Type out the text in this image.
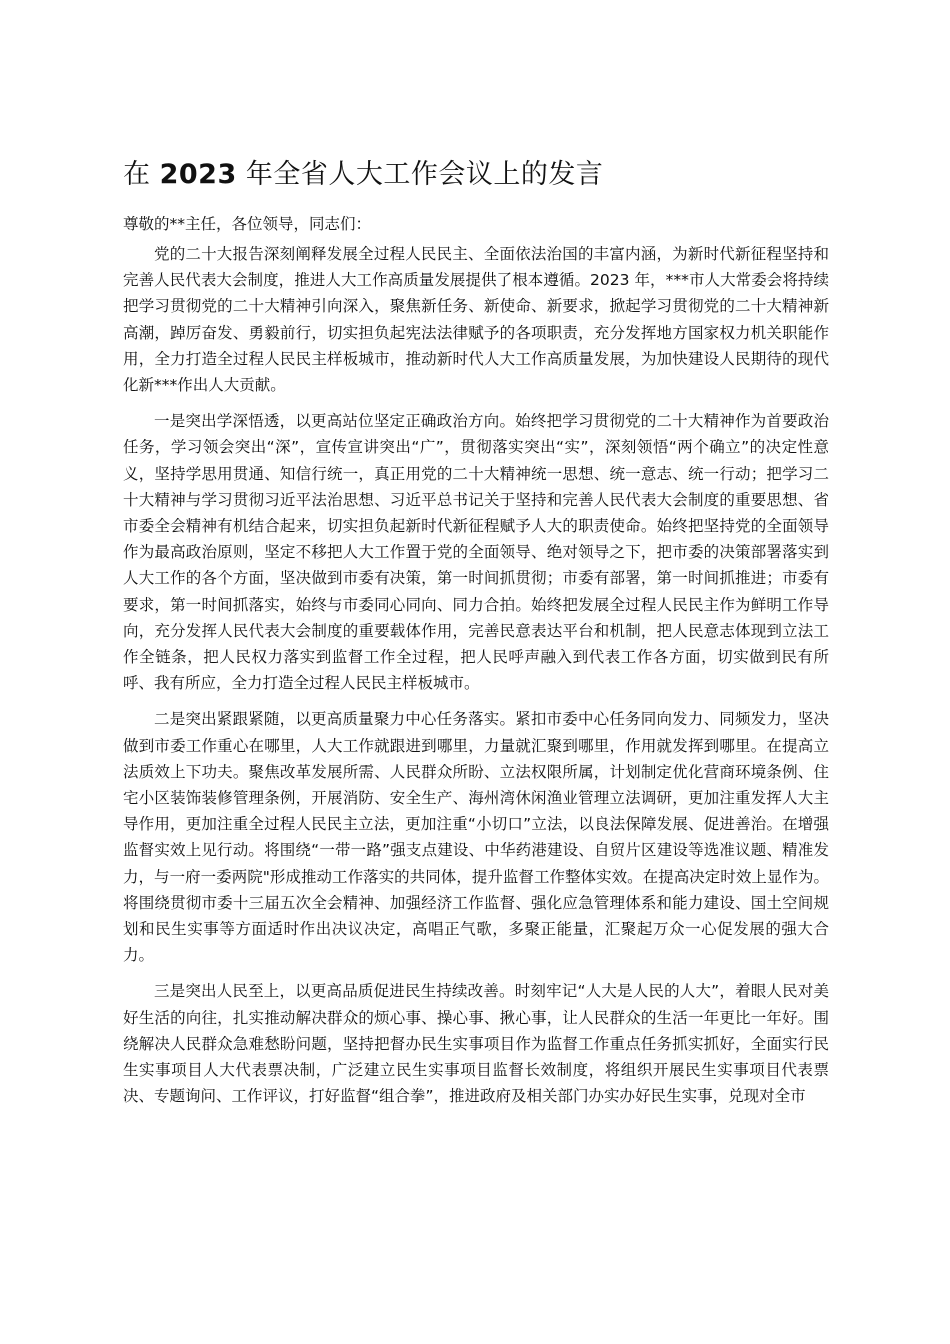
在 2023 年全省人大工作会议上的发言

尊敬的**主任，各位领导，同志们：

党的二十大报告深刻阐释发展全过程人民民主、全面依法治国的丰富内涵，为新时代新征程坚持和完善人民代表大会制度，推进人大工作高质量发展提供了根本遵循。2023 年，***市人大常委会将持续把学习贯彻党的二十大精神引向深入，聚焦新任务、新使命、新要求，掀起学习贯彻党的二十大精神新高潮，踔厉奋发、勇毅前行，切实担负起宪法法律赋予的各项职责，充分发挥地方国家权力机关职能作用，全力打造全过程人民民主样板城市，推动新时代人大工作高质量发展，为加快建设人民期待的现代化新***作出人大贡献。

一是突出学深悟透，以更高站位坚定正确政治方向。始终把学习贯彻党的二十大精神作为首要政治任务，学习领会突出“深”，宣传宣讲突出“广”，贯彻落实突出“实”，深刻领悟“两个确立”的决定性意义，坚持学思用贯通、知信行统一，真正用党的二十大精神统一思想、统一意志、统一行动；把学习二十大精神与学习贯彻习近平法治思想、习近平总书记关于坚持和完善人民代表大会制度的重要思想、省市委全会精神有机结合起来，切实担负起新时代新征程赋予人大的职责使命。始终把坚持党的全面领导作为最高政治原则，坚定不移把人大工作置于党的全面领导、绝对领导之下，把市委的决策部署落实到人大工作的各个方面，坚决做到市委有决策，第一时间抓贯彻；市委有部署，第一时间抓推进；市委有要求，第一时间抓落实，始终与市委同心同向、同力合拍。始终把发展全过程人民民主作为鲜明工作导向，充分发挥人民代表大会制度的重要载体作用，完善民意表达平台和机制，把人民意志体现到立法工作全链条，把人民权力落实到监督工作全过程，把人民呼声融入到代表工作各方面，切实做到民有所呼、我有所应，全力打造全过程人民民主样板城市。

二是突出紧跟紧随，以更高质量聚力中心任务落实。紧扣市委中心任务同向发力、同频发力，坚决做到市委工作重心在哪里，人大工作就跟进到哪里，力量就汇聚到哪里，作用就发挥到哪里。在提高立法质效上下功夫。聚焦改革发展所需、人民群众所盼、立法权限所属，计划制定优化营商环境条例、住宅小区装饰装修管理条例，开展消防、安全生产、海州湾休闲渔业管理立法调研，更加注重发挥人大主导作用，更加注重全过程人民民主立法，更加注重“小切口”立法，以良法保障发展、促进善治。在增强监督实效上见行动。将围绕“一带一路”强支点建设、中华药港建设、自贸片区建设等选准议题、精准发力，与一府一委两院"形成推动工作落实的共同体，提升监督工作整体实效。在提高决定时效上显作为。将围绕贯彻市委十三届五次全会精神、加强经济工作监督、强化应急管理体系和能力建设、国土空间规划和民生实事等方面适时作出决议决定，高唱正气歌，多聚正能量，汇聚起万众一心促发展的强大合力。

三是突出人民至上，以更高品质促进民生持续改善。时刻牢记“人大是人民的人大”，着眼人民对美好生活的向往，扎实推动解决群众的烦心事、操心事、揪心事，让人民群众的生活一年更比一年好。围绕解决人民群众急难愁盼问题，坚持把督办民生实事项目作为监督工作重点任务抓实抓好，全面实行民生实事项目人大代表票决制，广泛建立民生实事项目监督长效制度，将组织开展民生实事项目代表票决、专题询问、工作评议，打好监督“组合拳”，推进政府及相关部门办实办好民生实事，兑现对全市
